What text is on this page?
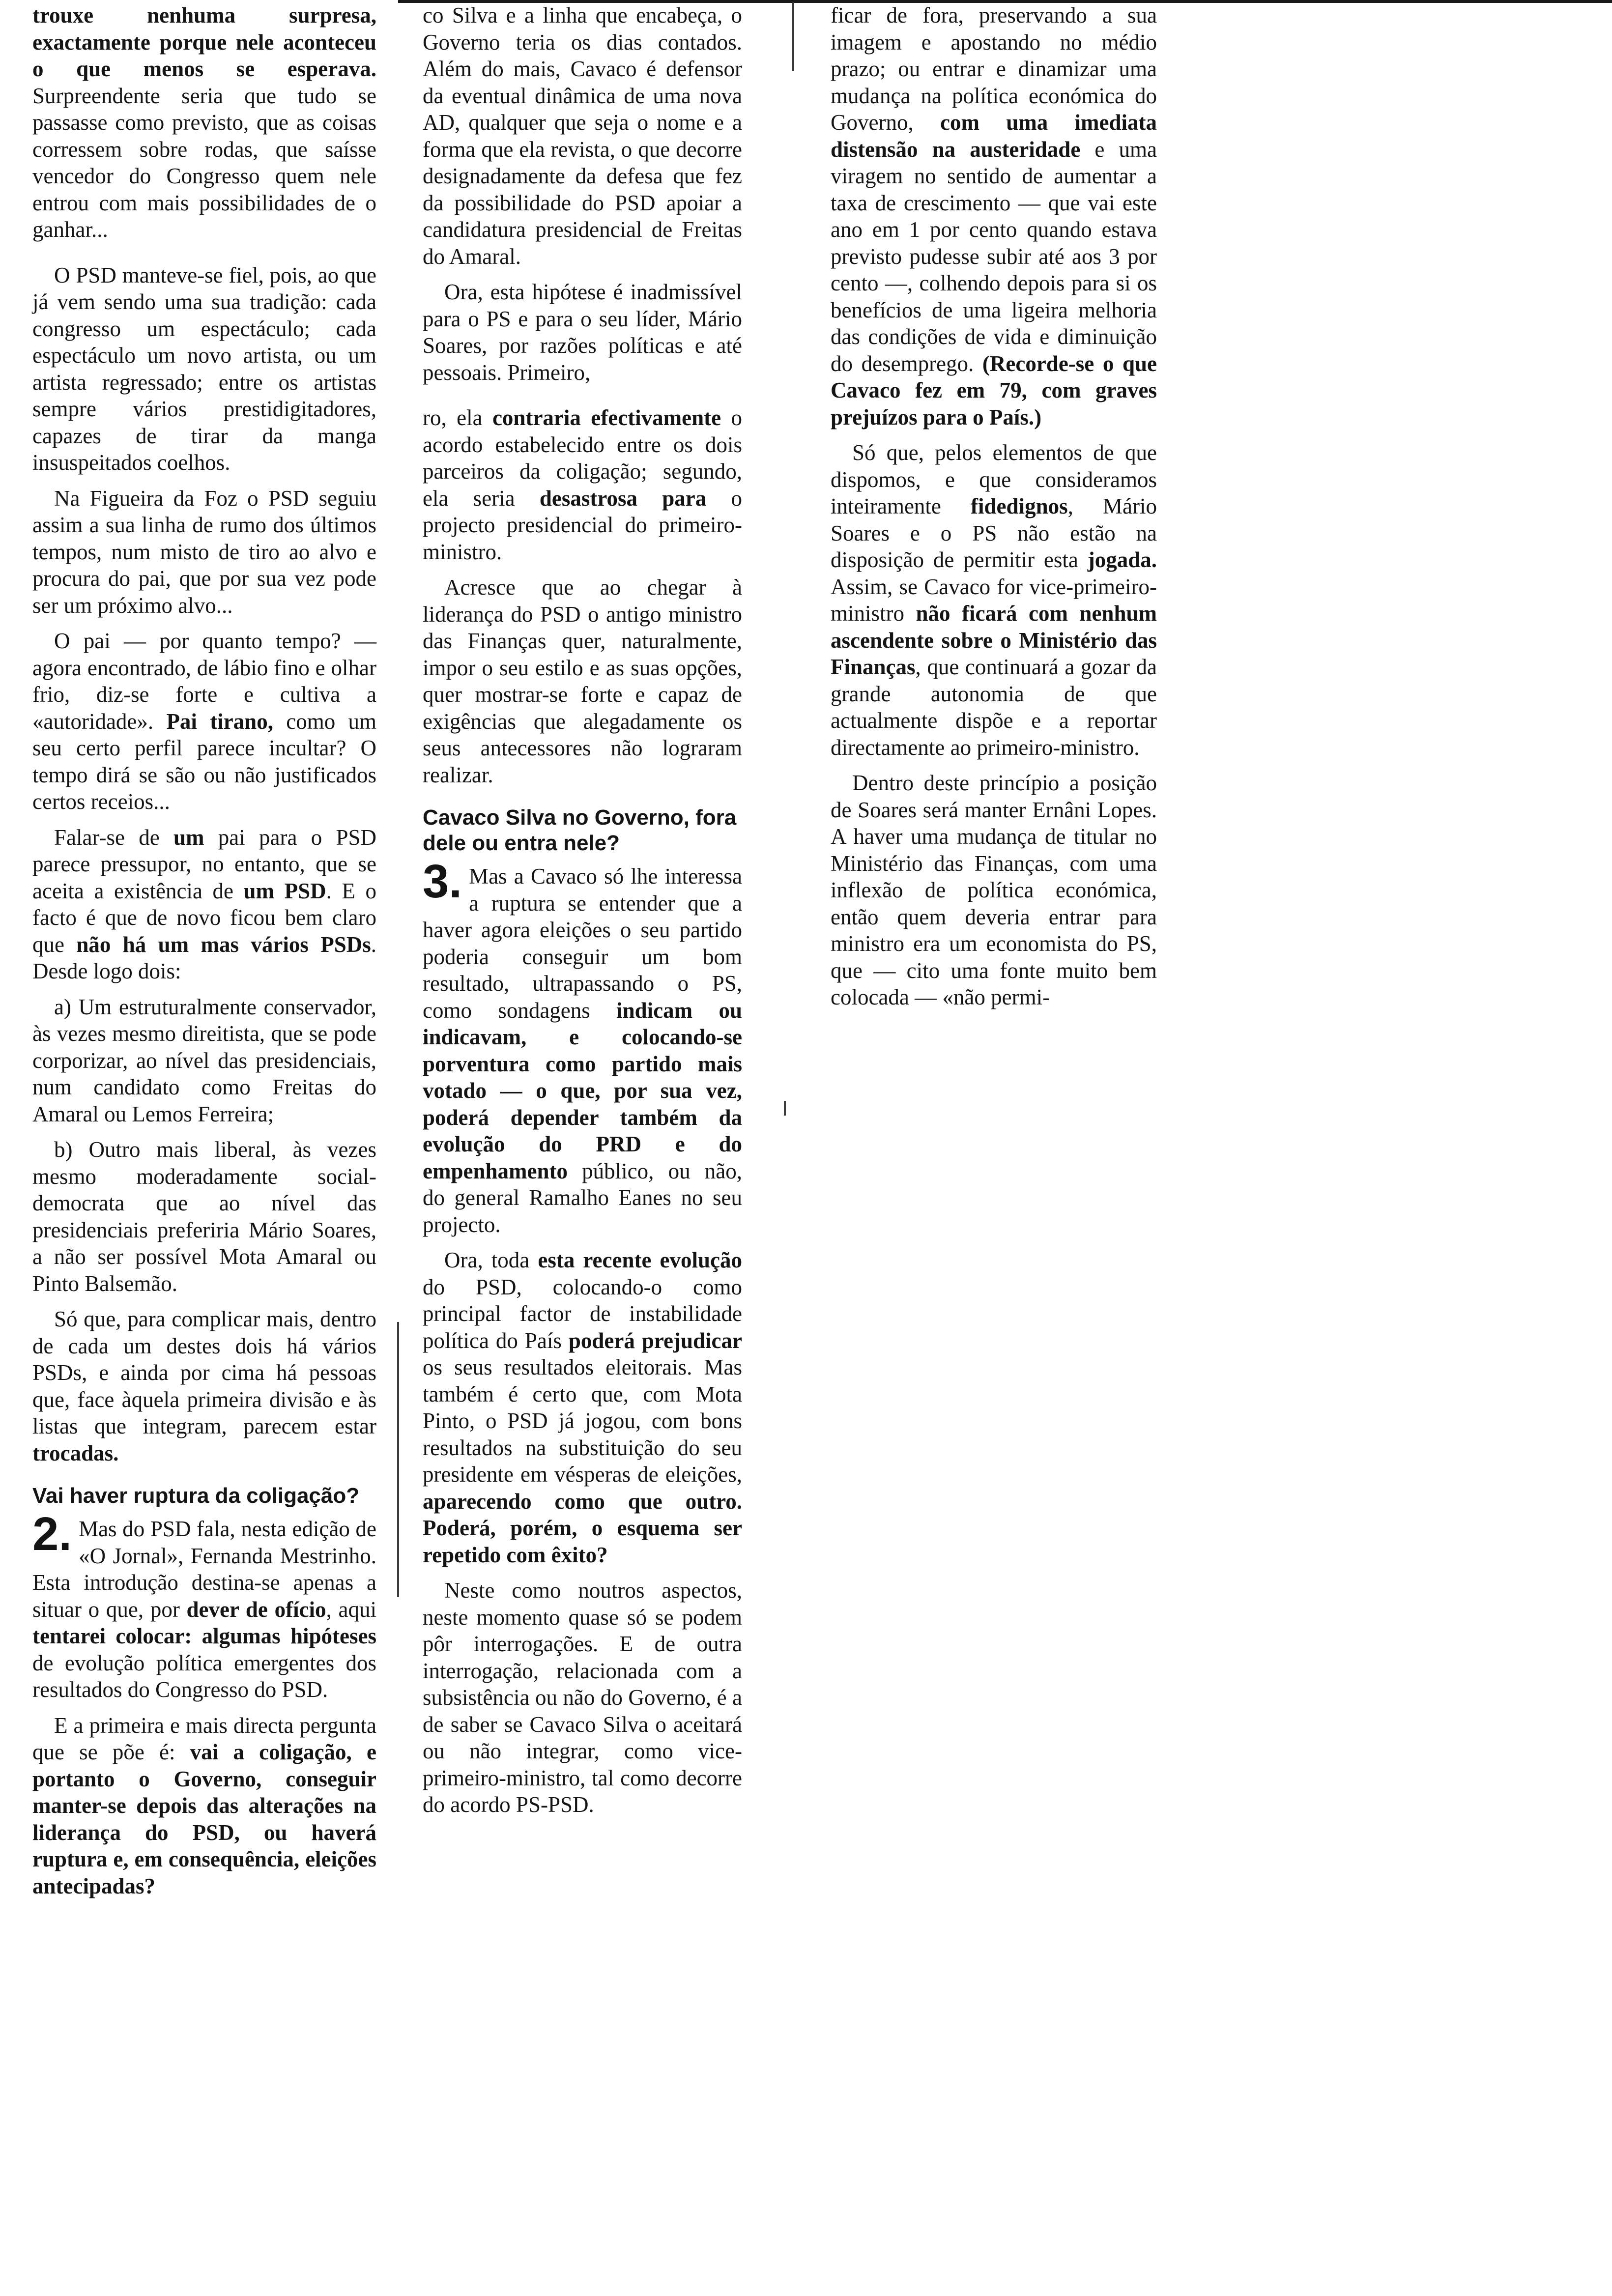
trouxe nenhuma surpresa, exactamente porque nele aconteceu o que menos se esperava. Surpreendente seria que tudo se passasse como previsto, que as coisas corressem sobre rodas, que saísse vencedor do Congresso quem nele entrou com mais possibilidades de o ganhar...

O PSD manteve-se fiel, pois, ao que já vem sendo uma sua tradição: cada congresso um espectáculo; cada espectáculo um novo artista, ou um artista regressado; entre os artistas sempre vários prestidigitadores, capazes de tirar da manga insuspeitados coelhos.

Na Figueira da Foz o PSD seguiu assim a sua linha de rumo dos últimos tempos, num misto de tiro ao alvo e procura do pai, que por sua vez pode ser um próximo alvo...

O pai — por quanto tempo? — agora encontrado, de lábio fino e olhar frio, diz-se forte e cultiva a «autoridade». Pai tirano, como um seu certo perfil parece incultar? O tempo dirá se são ou não justificados certos receios...

Falar-se de um pai para o PSD parece pressupor, no entanto, que se aceita a existência de um PSD. E o facto é que de novo ficou bem claro que não há um mas vários PSDs. Desde logo dois:

a) Um estruturalmente conservador, às vezes mesmo direitista, que se pode corporizar, ao nível das presidenciais, num candidato como Freitas do Amaral ou Lemos Ferreira;

b) Outro mais liberal, às vezes mesmo moderadamente social-democrata que ao nível das presidenciais preferiria Mário Soares, a não ser possível Mota Amaral ou Pinto Balsemão.

Só que, para complicar mais, dentro de cada um destes dois há vários PSDs, e ainda por cima há pessoas que, face àquela primeira divisão e às listas que integram, parecem estar trocadas.

Vai haver ruptura da coligação?

2. Mas do PSD fala, nesta edição de «O Jornal», Fernanda Mestrinho. Esta introdução destina-se apenas a situar o que, por dever de ofício, aqui tentarei colocar: algumas hipóteses de evolução política emergentes dos resultados do Congresso do PSD.

E a primeira e mais directa pergunta que se põe é: vai a coligação, e portanto o Governo, conseguir manter-se depois das alterações na liderança do PSD, ou haverá ruptura e, em consequência, eleições antecipadas?

co Silva e a linha que encabeça, o Governo teria os dias contados. Além do mais, Cavaco é defensor da eventual dinâmica de uma nova AD, qualquer que seja o nome e a forma que ela revista, o que decorre designadamente da defesa que fez da possibilidade do PSD apoiar a candidatura presidencial de Freitas do Amaral.

Ora, esta hipótese é inadmissível para o PS e para o seu líder, Mário Soares, por razões políticas e até pessoais. Primeiro,

ro, ela contraria efectivamente o acordo estabelecido entre os dois parceiros da coligação; segundo, ela seria desastrosa para o projecto presidencial do primeiro-ministro.

Acresce que ao chegar à liderança do PSD o antigo ministro das Finanças quer, naturalmente, impor o seu estilo e as suas opções, quer mostrar-se forte e capaz de exigências que alegadamente os seus antecessores não lograram realizar.

Cavaco Silva no Governo, fora dele ou entra nele?

3. Mas a Cavaco só lhe interessa a ruptura se entender que a haver agora eleições o seu partido poderia conseguir um bom resultado, ultrapassando o PS, como sondagens indicam ou indicavam, e colocando-se porventura como partido mais votado — o que, por sua vez, poderá depender também da evolução do PRD e do empenhamento público, ou não, do general Ramalho Eanes no seu projecto.

Ora, toda esta recente evolução do PSD, colocando-o como principal factor de instabilidade política do País poderá prejudicar os seus resultados eleitorais. Mas também é certo que, com Mota Pinto, o PSD já jogou, com bons resultados na substituição do seu presidente em vésperas de eleições, aparecendo como que outro. Poderá, porém, o esquema ser repetido com êxito?

Neste como noutros aspectos, neste momento quase só se podem pôr interrogações. E de outra interrogação, relacionada com a subsistência ou não do Governo, é a de saber se Cavaco Silva o aceitará ou não integrar, como vice-primeiro-ministro, tal como decorre do acordo PS-PSD.

ficar de fora, preservando a sua imagem e apostando no médio prazo; ou entrar e dinamizar uma mudança na política económica do Governo, com uma imediata distensão na austeridade e uma viragem no sentido de aumentar a taxa de crescimento — que vai este ano em 1 por cento quando estava previsto pudesse subir até aos 3 por cento —, colhendo depois para si os benefícios de uma ligeira melhoria das condições de vida e diminuição do desemprego. (Recorde-se o que Cavaco fez em 79, com graves prejuízos para o País.)

Só que, pelos elementos de que dispomos, e que consideramos inteiramente fidedignos, Mário Soares e o PS não estão na disposição de permitir esta jogada. Assim, se Cavaco for vice-primeiro-ministro não ficará com nenhum ascendente sobre o Ministério das Finanças, que continuará a gozar da grande autonomia de que actualmente dispõe e a reportar directamente ao primeiro-ministro.

Dentro deste princípio a posição de Soares será manter Ernâni Lopes. A haver uma mudança de titular no Ministério das Finanças, com uma inflexão de política económica, então quem deveria entrar para ministro era um economista do PS, que — cito uma fonte muito bem colocada — «não permi-
